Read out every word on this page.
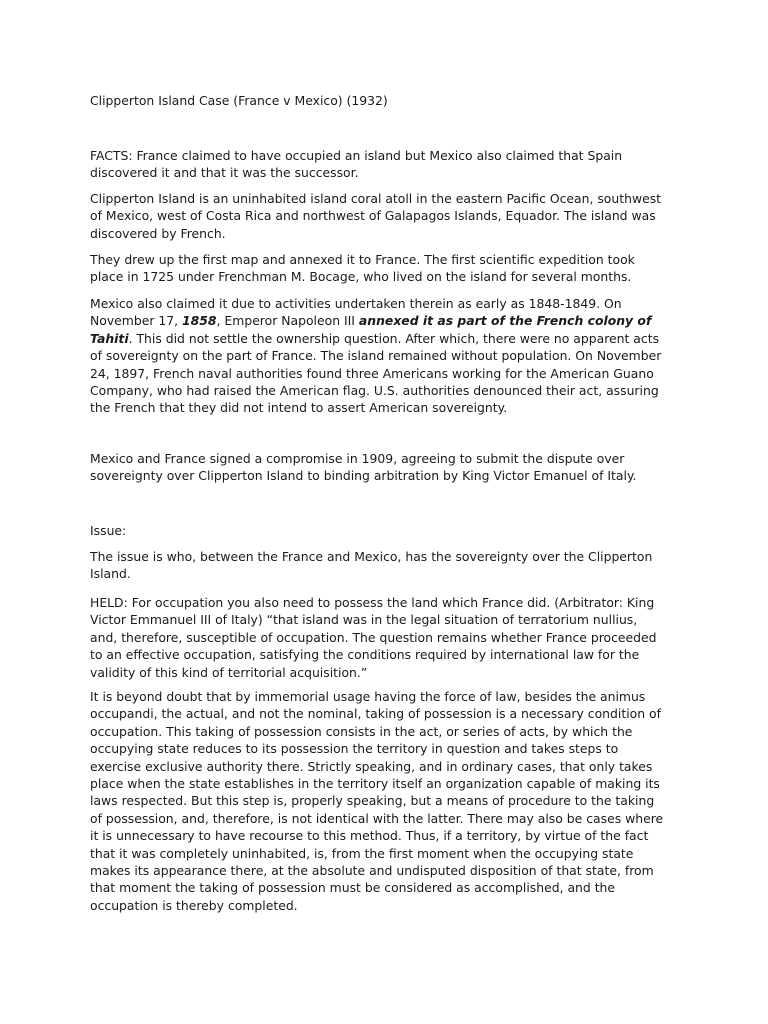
Clipperton Island Case (France v Mexico) (1932)

FACTS: France claimed to have occupied an island but Mexico also claimed that Spain
discovered it and that it was the successor.

Clipperton Island is an uninhabited island coral atoll in the eastern Pacific Ocean, southwest
of Mexico, west of Costa Rica and northwest of Galapagos Islands, Equador. The island was
discovered by French.

They drew up the first map and annexed it to France. The first scientific expedition took
place in 1725 under Frenchman M. Bocage, who lived on the island for several months.

Mexico also claimed it due to activities undertaken therein as early as 1848-1849. On
November 17, 1858, Emperor Napoleon III annexed it as part of the French colony of
Tahiti. This did not settle the ownership question. After which, there were no apparent acts
of sovereignty on the part of France. The island remained without population. On November
24, 1897, French naval authorities found three Americans working for the American Guano
Company, who had raised the American flag. U.S. authorities denounced their act, assuring
the French that they did not intend to assert American sovereignty.

Mexico and France signed a compromise in 1909, agreeing to submit the dispute over
sovereignty over Clipperton Island to binding arbitration by King Victor Emanuel of Italy.

Issue:

The issue is who, between the France and Mexico, has the sovereignty over the Clipperton
Island.

HELD: For occupation you also need to possess the land which France did. (Arbitrator: King
Victor Emmanuel III of Italy) “that island was in the legal situation of terratorium nullius,
and, therefore, susceptible of occupation. The question remains whether France proceeded
to an effective occupation, satisfying the conditions required by international law for the
validity of this kind of territorial acquisition.”

It is beyond doubt that by immemorial usage having the force of law, besides the animus
occupandi, the actual, and not the nominal, taking of possession is a necessary condition of
occupation. This taking of possession consists in the act, or series of acts, by which the
occupying state reduces to its possession the territory in question and takes steps to
exercise exclusive authority there. Strictly speaking, and in ordinary cases, that only takes
place when the state establishes in the territory itself an organization capable of making its
laws respected. But this step is, properly speaking, but a means of procedure to the taking
of possession, and, therefore, is not identical with the latter. There may also be cases where
it is unnecessary to have recourse to this method. Thus, if a territory, by virtue of the fact
that it was completely uninhabited, is, from the first moment when the occupying state
makes its appearance there, at the absolute and undisputed disposition of that state, from
that moment the taking of possession must be considered as accomplished, and the
occupation is thereby completed.
